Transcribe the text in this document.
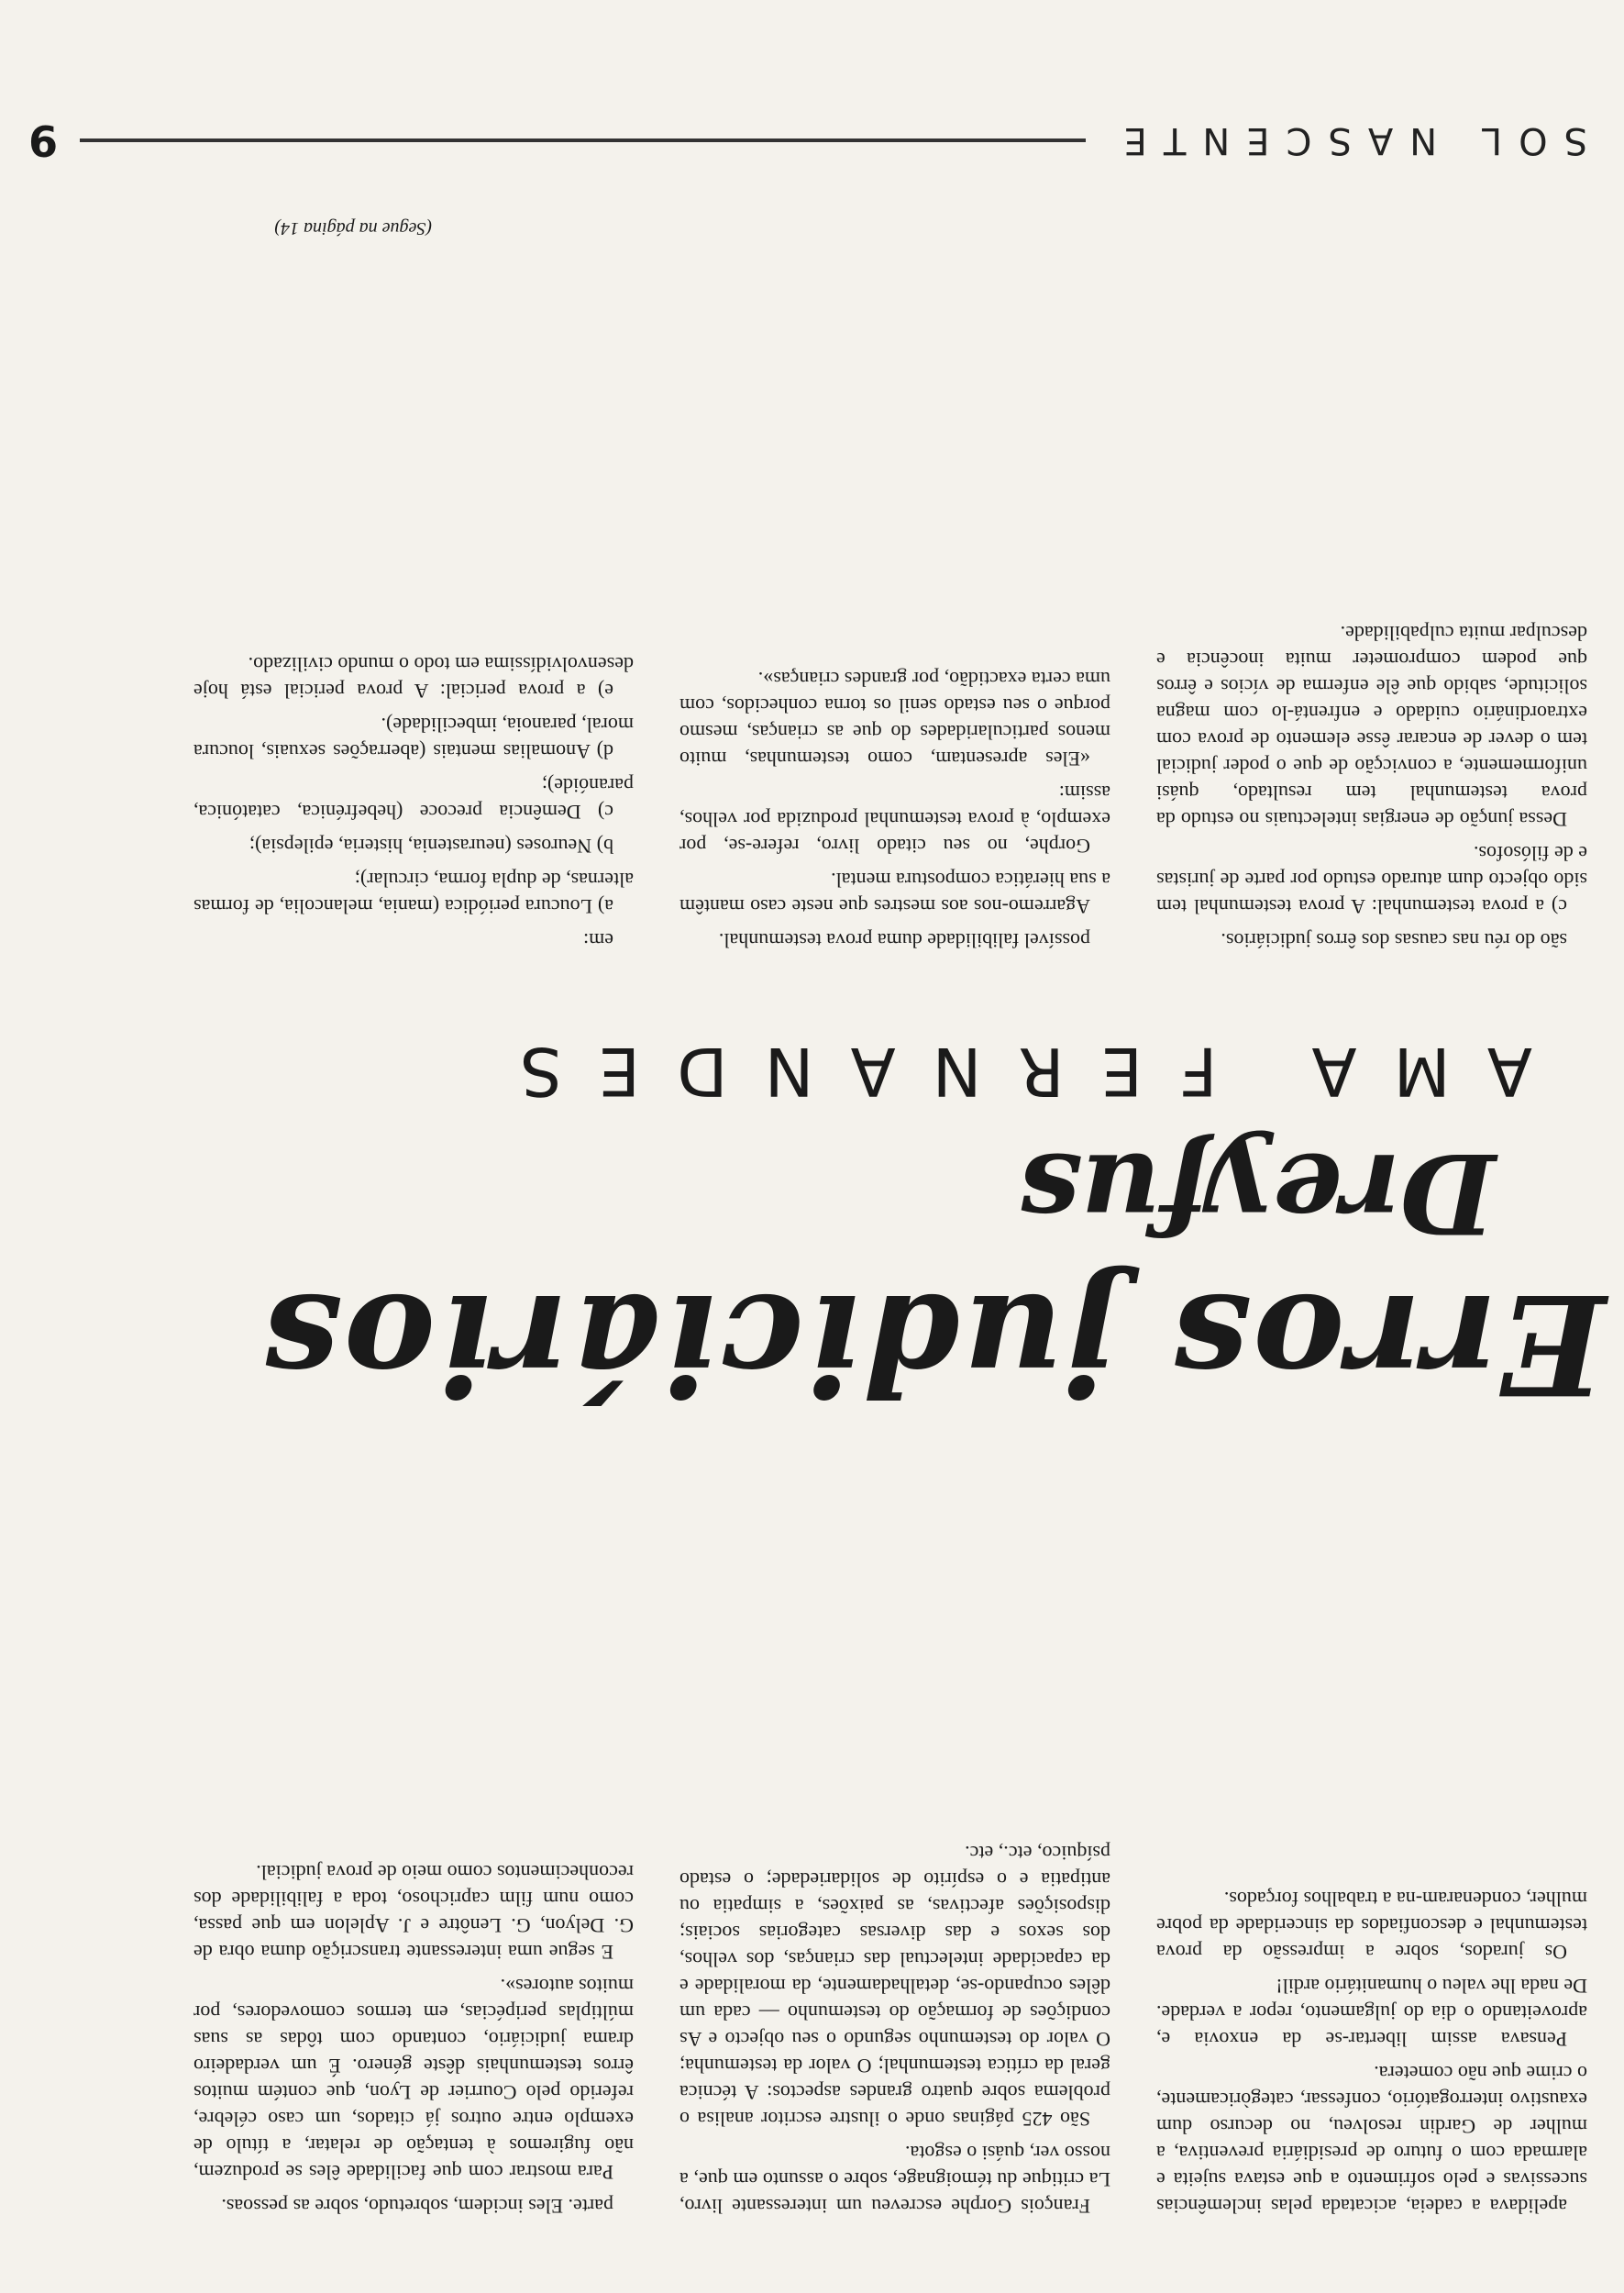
SOL NASCENTE
9
Erros judiciários
Dreyfus
AMA FERNANDES

apelidava a cadeia, acicatada pelas inclemências sucessivas e pelo sofrimento a que estava sujeita e alarmada com o futuro de presidiária preventiva, a mulher de Gardin resolveu, no decurso dum exaustivo interrogatório, confessar, categòricamente, o crime que não cometera.

Pensava assim libertar-se da enxovia e, aproveitando o dia do julgamento, repor a verdade. De nada lhe valeu o humanitário ardil!

Os jurados, sobre a impressão da prova testemunhal e desconfiados da sinceridade da pobre mulher, condenaram-na a trabalhos forçados.

François Gorphe escreveu um interessante livro, La critique du témoignage, sobre o assunto em que, a nosso ver, quási o esgota.

São 425 páginas onde o ilustre escritor analisa o problema sobre quatro grandes aspectos: A técnica geral da crítica testemunhal; O valor da testemunha; O valor do testemunho segundo o seu objecto e As condições de formação do testemunho — cada um dêles ocupando-se, detalhadamente, da moralidade e da capacidade intelectual das crianças, dos velhos, dos sexos e das diversas categorias sociais; disposições afectivas, as paixões, a simpatia ou antipatia e o espírito de solidariedade; o estado psíquico, etc., etc.

parte. Eles incidem, sobretudo, sobre as pessoas.

Para mostrar com que facilidade êles se produzem, não fugiremos à tentação de relatar, a título de exemplo entre outros já citados, um caso célebre, referido pelo Courrier de Lyon, que contém muitos êrros testemunhais dêste género. É um verdadeiro drama judiciário, contando com tôdas as suas múltiplas peripécias, em termos comovedores, por muitos autores».

E segue uma interessante transcrição duma obra de G. Delyon, G. Lenôtre e J. Aplelon em que passa, como num film caprichoso, toda a falibilidade dos reconhecimentos como meio de prova judicial.

são do réu nas causas dos êrros judiciários.

c) a prova testemunhal: A prova testemunhal tem sido objecto dum aturado estudo por parte de juristas e de filósofos.

Dessa junção de energias intelectuais no estudo da prova testemunhal tem resultado, quási uniformemente, a convicção de que o poder judicial tem o dever de encarar êsse elemento de prova com extraordinário cuidado e enfrentá-lo com magna solicitude, sabido que êle enferma de vícios e êrros que podem comprometer muita inocência e desculpar muita culpabilidade.

possível falibilidade duma prova testemunhal.

Agarremo-nos aos mestres que neste caso mantêm a sua hierática compostura mental.

Gorphe, no seu citado livro, refere-se, por exemplo, à prova testemunhal produzida por velhos, assim:

«Eles apresentam, como testemunhas, muito menos particularidades do que as crianças, mesmo porque o seu estado senil os torna conhecidos, com uma certa exactidão, por grandes crianças».

em:

a) Loucura periódica (mania, melancolia, de formas alternas, de dupla forma, circular);

b) Neuroses (neurastenia, histeria, epilepsia);

c) Demência precoce (hebefrénica, catatónica, paranóide);

d) Anomalias mentais (aberrações sexuais, loucura moral, paranoia, imbecilidade).

e) a prova pericial: A prova pericial está hoje desenvolvidíssima em todo o mundo civilizado.

(Segue na página 14)
